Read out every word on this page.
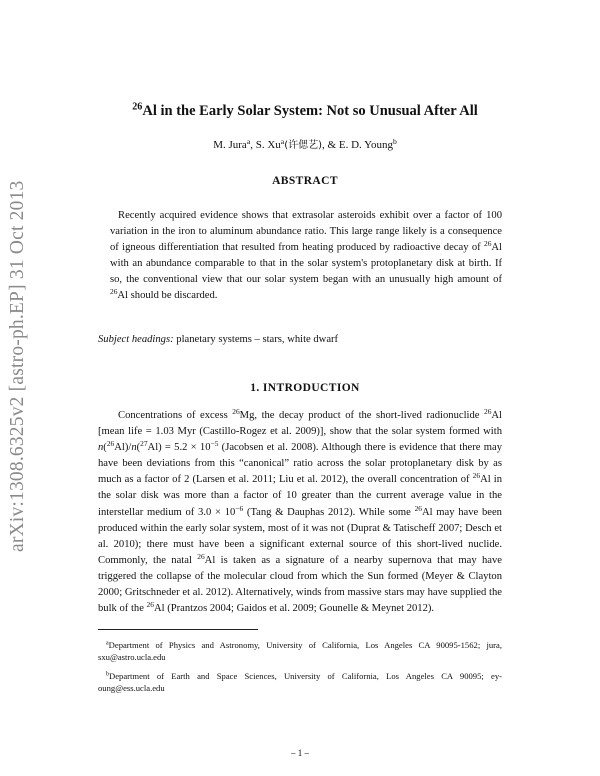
arXiv:1308.6325v2 [astro-ph.EP] 31 Oct 2013
$^{26}$Al in the Early Solar System: Not so Unusual After All
M. Jura$^a$, S. Xu$^a$(许偲艺), & E. D. Young$^b$
ABSTRACT
Recently acquired evidence shows that extrasolar asteroids exhibit over a factor of 100 variation in the iron to aluminum abundance ratio. This large range likely is a consequence of igneous differentiation that resulted from heating produced by radioactive decay of $^{26}$Al with an abundance comparable to that in the solar system's protoplanetary disk at birth. If so, the conventional view that our solar system began with an unusually high amount of $^{26}$Al should be discarded.
Subject headings: planetary systems – stars, white dwarf
1. INTRODUCTION
Concentrations of excess $^{26}$Mg, the decay product of the short-lived radionuclide $^{26}$Al [mean life = 1.03 Myr (Castillo-Rogez et al. 2009)], show that the solar system formed with $n(^{26}Al)/n(^{27}Al) = 5.2 \times 10^{-5}$ (Jacobsen et al. 2008). Although there is evidence that there may have been deviations from this “canonical” ratio across the solar protoplanetary disk by as much as a factor of 2 (Larsen et al. 2011; Liu et al. 2012), the overall concentration of $^{26}$Al in the solar disk was more than a factor of 10 greater than the current average value in the interstellar medium of $3.0 \times 10^{-6}$ (Tang & Dauphas 2012). While some $^{26}$Al may have been produced within the early solar system, most of it was not (Duprat & Tatischeff 2007; Desch et al. 2010); there must have been a significant external source of this short-lived nuclide. Commonly, the natal $^{26}$Al is taken as a signature of a nearby supernova that may have triggered the collapse of the molecular cloud from which the Sun formed (Meyer & Clayton 2000; Gritschneder et al. 2012). Alternatively, winds from massive stars may have supplied the bulk of the $^{26}$Al (Prantzos 2004; Gaidos et al. 2009; Gounelle & Meynet 2012).
$^a$Department of Physics and Astronomy, University of California, Los Angeles CA 90095-1562; jura, sxu@astro.ucla.edu
$^b$Department of Earth and Space Sciences, University of California, Los Angeles CA 90095; ey-oung@ess.ucla.edu
– 1 –
